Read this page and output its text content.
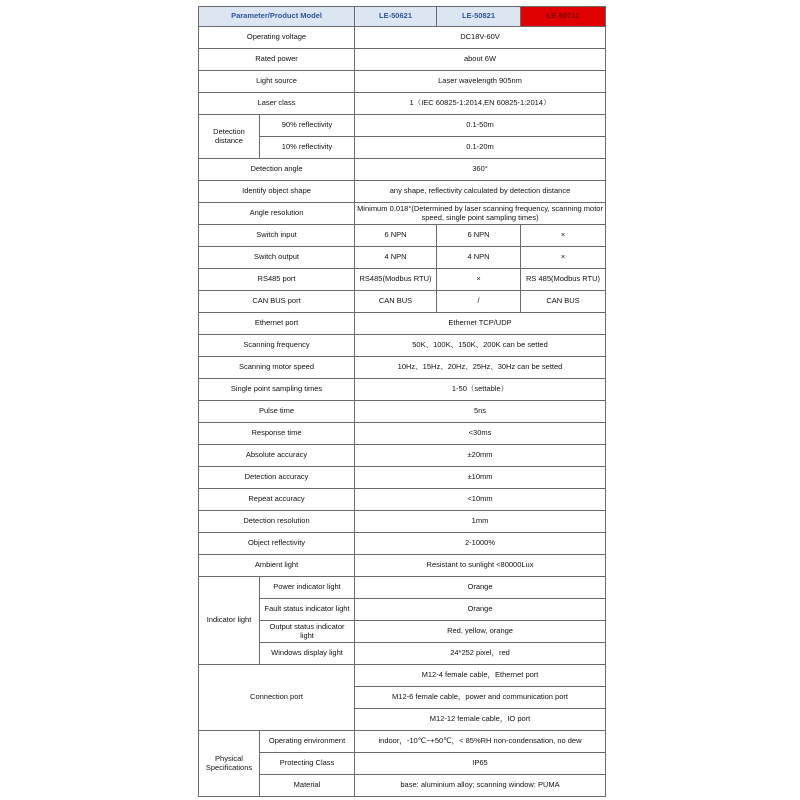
Parameter/Product Model		LE-50621	LE-50821	LE-50711
Operating voltage		DC18V-60V		
Rated power		about 6W		
Light source		Laser wavelength 905nm		
Laser class		1（IEC 60825-1:2014,EN 60825-1:2014）		
Detection distance	90% reflectivity	0.1-50m		
	10% reflectivity	0.1-20m		
Detection angle		360°		
Identify object shape		any shape, reflectivity calculated by detection distance		
Angle resolution		Minimum 0.018°(Determined by laser scanning frequency, scanning motor speed, single point sampling times)		
Switch input		6 NPN	6 NPN	×
Switch output		4 NPN	4 NPN	×
RS485 port		RS485(Modbus RTU)	×	RS 485(Modbus RTU)
CAN BUS port		CAN BUS	/	CAN BUS
Ethernet port		Ethernet TCP/UDP		
Scanning frequency		50K、100K、150K、200K can be setted		
Scanning motor speed		10Hz、15Hz、20Hz、25Hz、30Hz can be setted		
Single point sampling times		1-50（settable）		
Pulse time		5ns		
Response time		<30ms		
Absolute accuracy		±20mm		
Detection accuracy		±10mm		
Repeat accuracy		<10mm		
Detection resolution		1mm		
Object reflectivity		2-1000%		
Ambient light		Resistant to sunlight <80000Lux		
Indicator light	Power indicator light	Orange		
	Fault status indicator light	Orange		
	Output status indicator light	Red, yellow, orange		
	Windows display light	24*252 pixel，red		
Connection port		M12-4 female cable，Ethernet port		
		M12-6 female cable，power and communication port		
		M12-12 female cable，IO port		
Physical Specifications	Operating environment	indoor，-10℃~+50℃，< 85%RH non-condensation, no dew		
	Protecting Class	IP65		
	Material	base: aluminium alloy; scanning window: PUMA		
